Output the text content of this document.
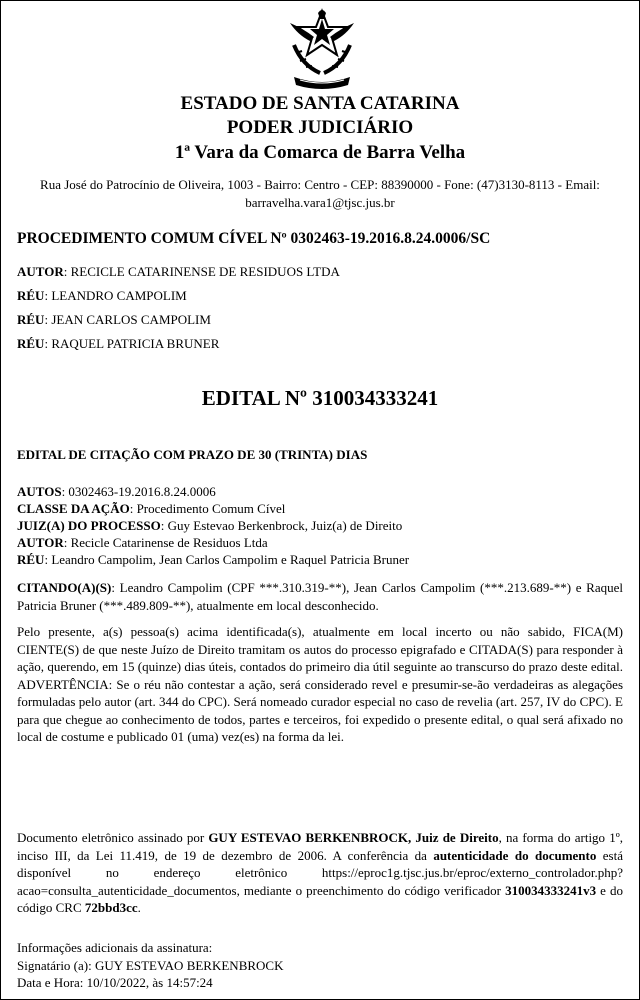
ESTADO DE SANTA CATARINA
PODER JUDICIÁRIO
1ª Vara da Comarca de Barra Velha
Rua José do Patrocínio de Oliveira, 1003 - Bairro: Centro - CEP: 88390000 - Fone: (47)3130-8113 - Email:
barravelha.vara1@tjsc.jus.br
PROCEDIMENTO COMUM CÍVEL Nº 0302463-19.2016.8.24.0006/SC
AUTOR: RECICLE CATARINENSE DE RESIDUOS LTDA
RÉU: LEANDRO CAMPOLIM
RÉU: JEAN CARLOS CAMPOLIM
RÉU: RAQUEL PATRICIA BRUNER
EDITAL Nº 310034333241
EDITAL DE CITAÇÃO COM PRAZO DE 30 (TRINTA) DIAS
AUTOS: 0302463-19.2016.8.24.0006
CLASSE DA AÇÃO: Procedimento Comum Cível
JUIZ(A) DO PROCESSO: Guy Estevao Berkenbrock, Juiz(a) de Direito
AUTOR: Recicle Catarinense de Residuos Ltda
RÉU: Leandro Campolim, Jean Carlos Campolim e Raquel Patricia Bruner
CITANDO(A)(S): Leandro Campolim (CPF ***.310.319-**), Jean Carlos Campolim (***.213.689-**) e Raquel Patricia Bruner (***.489.809-**), atualmente em local desconhecido.
Pelo presente, a(s) pessoa(s) acima identificada(s), atualmente em local incerto ou não sabido, FICA(M) CIENTE(S) de que neste Juízo de Direito tramitam os autos do processo epigrafado e CITADA(S) para responder à ação, querendo, em 15 (quinze) dias úteis, contados do primeiro dia útil seguinte ao transcurso do prazo deste edital. ADVERTÊNCIA: Se o réu não contestar a ação, será considerado revel e presumir-se-ão verdadeiras as alegações formuladas pelo autor (art. 344 do CPC). Será nomeado curador especial no caso de revelia (art. 257, IV do CPC). E para que chegue ao conhecimento de todos, partes e terceiros, foi expedido o presente edital, o qual será afixado no local de costume e publicado 01 (uma) vez(es) na forma da lei.
Documento eletrônico assinado por GUY ESTEVAO BERKENBROCK, Juiz de Direito, na forma do artigo 1º, inciso III, da Lei 11.419, de 19 de dezembro de 2006. A conferência da autenticidade do documento está disponível no endereço eletrônico https://eproc1g.tjsc.jus.br/eproc/externo_controlador.php?acao=consulta_autenticidade_documentos, mediante o preenchimento do código verificador 310034333241v3 e do código CRC 72bbd3cc.
Informações adicionais da assinatura:
Signatário (a): GUY ESTEVAO BERKENBROCK
Data e Hora: 10/10/2022, às 14:57:24
